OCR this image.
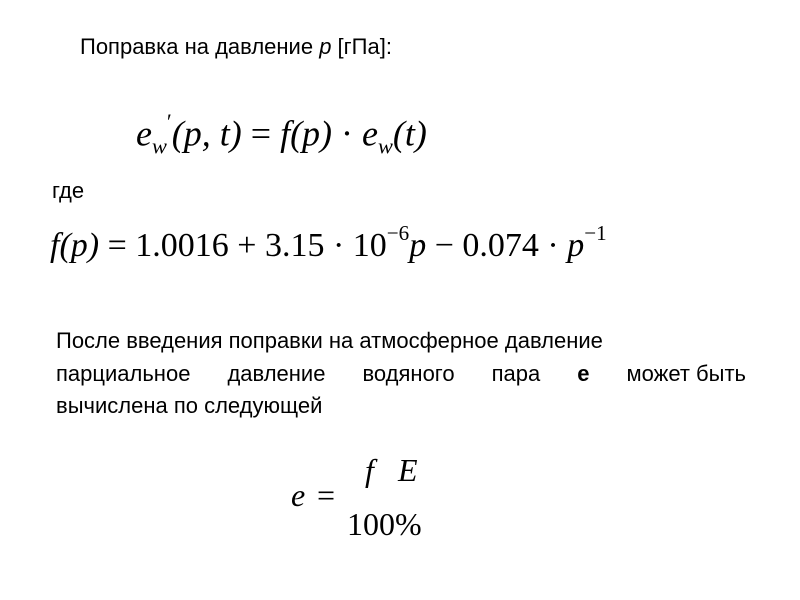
Поправка на давление p [гПа]:
$e_w'(p$, $t) = f(p) \cdot e_w(t)$
где
$f(p) = 1.0016 + 3.15 \cdot 10^{-6}p - 0.074 \cdot p^{-1}$
После введения поправки на атмосферное давление
парциальное давление водяного пара е может быть
вычислена по следующей
e =
f E
100%
